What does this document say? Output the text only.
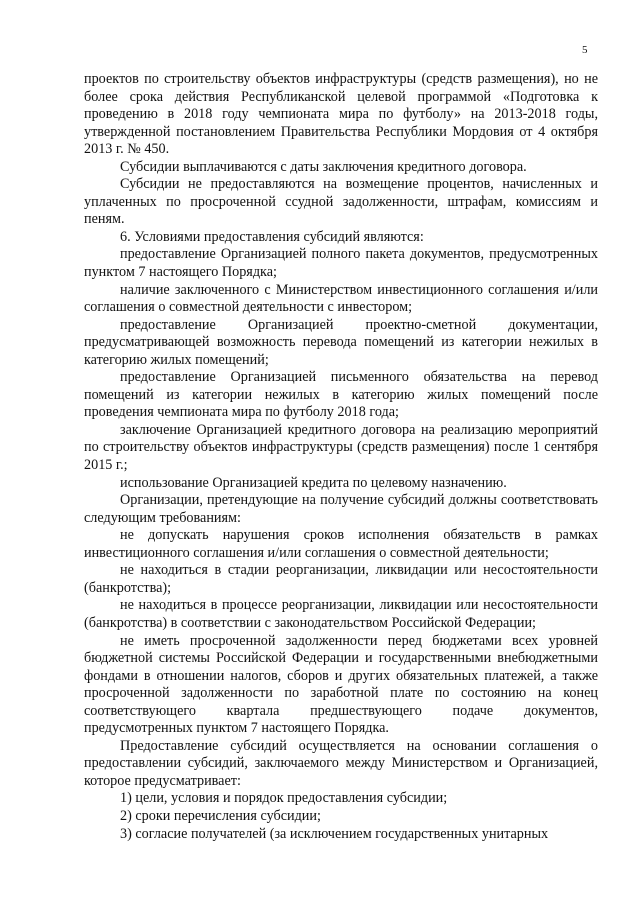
5

проектов по строительству объектов инфраструктуры (средств размещения), но не более срока действия Республиканской целевой программой «Подготовка к проведению в 2018 году чемпионата мира по футболу» на 2013-2018 годы, утвержденной постановлением Правительства Республики Мордовия от 4 октября 2013 г. № 450.

Субсидии выплачиваются с даты заключения кредитного договора.

Субсидии не предоставляются на возмещение процентов, начисленных и уплаченных по просроченной ссудной задолженности, штрафам, комиссиям и пеням.

6. Условиями предоставления субсидий являются:

предоставление Организацией полного пакета документов, предусмотренных пунктом 7 настоящего Порядка;

наличие заключенного с Министерством инвестиционного соглашения и/или соглашения о совместной деятельности с инвестором;

предоставление Организацией проектно-сметной документации, предусматривающей возможность перевода помещений из категории нежилых в категорию жилых помещений;

предоставление Организацией письменного обязательства на перевод помещений из категории нежилых в категорию жилых помещений после проведения чемпионата мира по футболу 2018 года;

заключение Организацией кредитного договора на реализацию мероприятий по строительству объектов инфраструктуры (средств размещения) после 1 сентября 2015 г.;

использование Организацией кредита по целевому назначению.

Организации, претендующие на получение субсидий должны соответствовать следующим требованиям:

не допускать нарушения сроков исполнения обязательств в рамках инвестиционного соглашения и/или соглашения о совместной деятельности;

не находиться в стадии реорганизации, ликвидации или несостоятельности (банкротства);

не находиться в процессе реорганизации, ликвидации или несостоятельности (банкротства) в соответствии с законодательством Российской Федерации;

не иметь просроченной задолженности перед бюджетами всех уровней бюджетной системы Российской Федерации и государственными внебюджетными фондами в отношении налогов, сборов и других обязательных платежей, а также просроченной задолженности по заработной плате по состоянию на конец соответствующего квартала предшествующего подаче документов, предусмотренных пунктом 7 настоящего Порядка.

Предоставление субсидий осуществляется на основании соглашения о предоставлении субсидий, заключаемого между Министерством и Организацией, которое предусматривает:

1) цели, условия и порядок предоставления субсидии;

2) сроки перечисления субсидии;

3) согласие получателей (за исключением государственных унитарных
